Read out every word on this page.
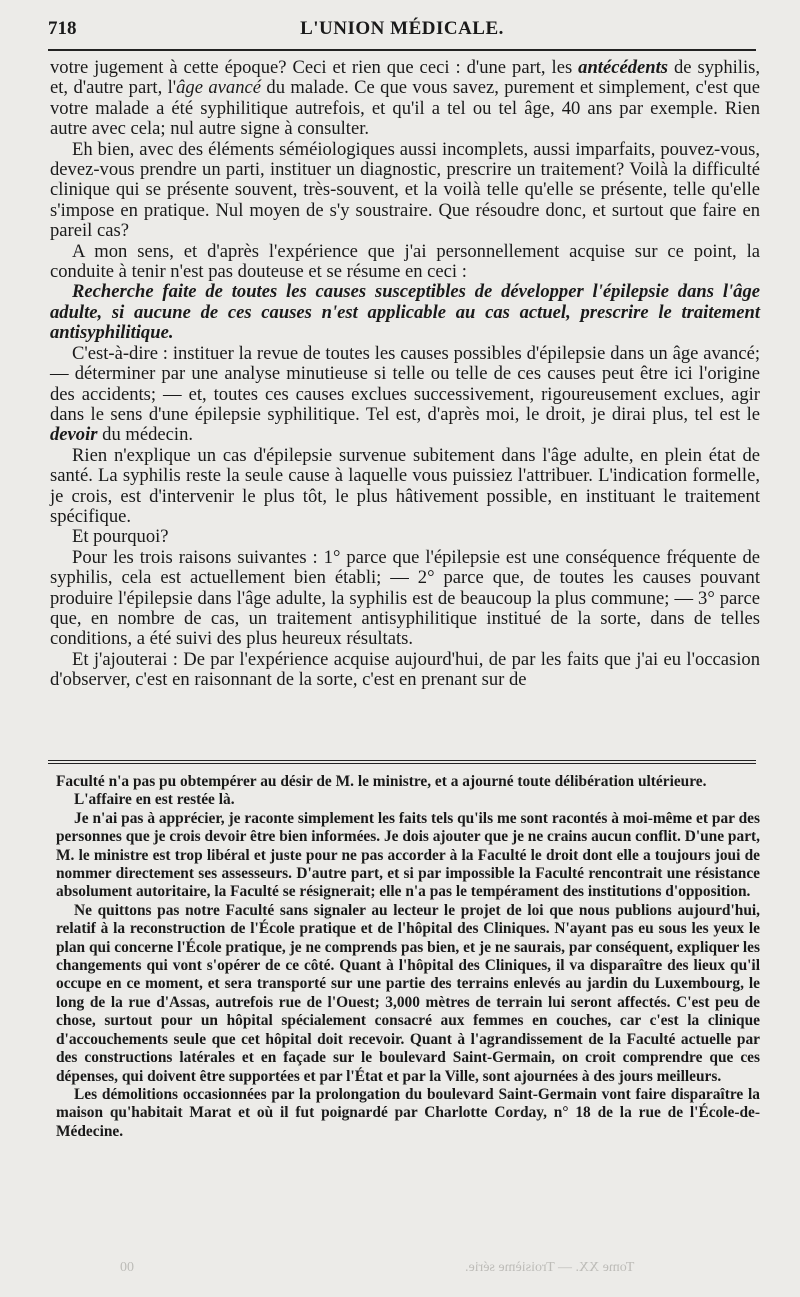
718	L'UNION MÉDICALE.

votre jugement à cette époque? Ceci et rien que ceci : d'une part, les antécédents de syphilis, et, d'autre part, l'âge avancé du malade. Ce que vous savez, purement et simplement, c'est que votre malade a été syphilitique autrefois, et qu'il a tel ou tel âge, 40 ans par exemple. Rien autre avec cela; nul autre signe à consulter.

Eh bien, avec des éléments séméiologiques aussi incomplets, aussi imparfaits, pouvez-vous, devez-vous prendre un parti, instituer un diagnostic, prescrire un traitement? Voilà la difficulté clinique qui se présente souvent, très-souvent, et la voilà telle qu'elle se présente, telle qu'elle s'impose en pratique. Nul moyen de s'y soustraire. Que résoudre donc, et surtout que faire en pareil cas?

A mon sens, et d'après l'expérience que j'ai personnellement acquise sur ce point, la conduite à tenir n'est pas douteuse et se résume en ceci :

Recherche faite de toutes les causes susceptibles de développer l'épilepsie dans l'âge adulte, si aucune de ces causes n'est applicable au cas actuel, prescrire le traitement antisyphilitique.

C'est-à-dire : instituer la revue de toutes les causes possibles d'épilepsie dans un âge avancé; — déterminer par une analyse minutieuse si telle ou telle de ces causes peut être ici l'origine des accidents; — et, toutes ces causes exclues successivement, rigoureusement exclues, agir dans le sens d'une épilepsie syphilitique. Tel est, d'après moi, le droit, je dirai plus, tel est le devoir du médecin.

Rien n'explique un cas d'épilepsie survenue subitement dans l'âge adulte, en plein état de santé. La syphilis reste la seule cause à laquelle vous puissiez l'attribuer. L'indication formelle, je crois, est d'intervenir le plus tôt, le plus hâtivement possible, en instituant le traitement spécifique.

Et pourquoi?

Pour les trois raisons suivantes : 1° parce que l'épilepsie est une conséquence fréquente de syphilis, cela est actuellement bien établi; — 2° parce que, de toutes les causes pouvant produire l'épilepsie dans l'âge adulte, la syphilis est de beaucoup la plus commune; — 3° parce que, en nombre de cas, un traitement antisyphilitique institué de la sorte, dans de telles conditions, a été suivi des plus heureux résultats.

Et j'ajouterai : De par l'expérience acquise aujourd'hui, de par les faits que j'ai eu l'occasion d'observer, c'est en raisonnant de la sorte, c'est en prenant sur de

Faculté n'a pas pu obtempérer au désir de M. le ministre, et a ajourné toute délibération ultérieure.

L'affaire en est restée là.

Je n'ai pas à apprécier, je raconte simplement les faits tels qu'ils me sont racontés à moi-même et par des personnes que je crois devoir être bien informées. Je dois ajouter que je ne crains aucun conflit. D'une part, M. le ministre est trop libéral et juste pour ne pas accorder à la Faculté le droit dont elle a toujours joui de nommer directement ses assesseurs. D'autre part, et si par impossible la Faculté rencontrait une résistance absolument autoritaire, la Faculté se résignerait; elle n'a pas le tempérament des institutions d'opposition.

Ne quittons pas notre Faculté sans signaler au lecteur le projet de loi que nous publions aujourd'hui, relatif à la reconstruction de l'École pratique et de l'hôpital des Cliniques. N'ayant pas eu sous les yeux le plan qui concerne l'École pratique, je ne comprends pas bien, et je ne saurais, par conséquent, expliquer les changements qui vont s'opérer de ce côté. Quant à l'hôpital des Cliniques, il va disparaître des lieux qu'il occupe en ce moment, et sera transporté sur une partie des terrains enlevés au jardin du Luxembourg, le long de la rue d'Assas, autrefois rue de l'Ouest; 3,000 mètres de terrain lui seront affectés. C'est peu de chose, surtout pour un hôpital spécialement consacré aux femmes en couches, car c'est la clinique d'accouchements seule que cet hôpital doit recevoir. Quant à l'agrandissement de la Faculté actuelle par des constructions latérales et en façade sur le boulevard Saint-Germain, on croit comprendre que ces dépenses, qui doivent être supportées et par l'État et par la Ville, sont ajournées à des jours meilleurs.

Les démolitions occasionnées par la prolongation du boulevard Saint-Germain vont faire disparaître la maison qu'habitait Marat et où il fut poignardé par Charlotte Corday, n° 18 de la rue de l'École-de-Médecine.

00	Tome XX. — Troisième série.
